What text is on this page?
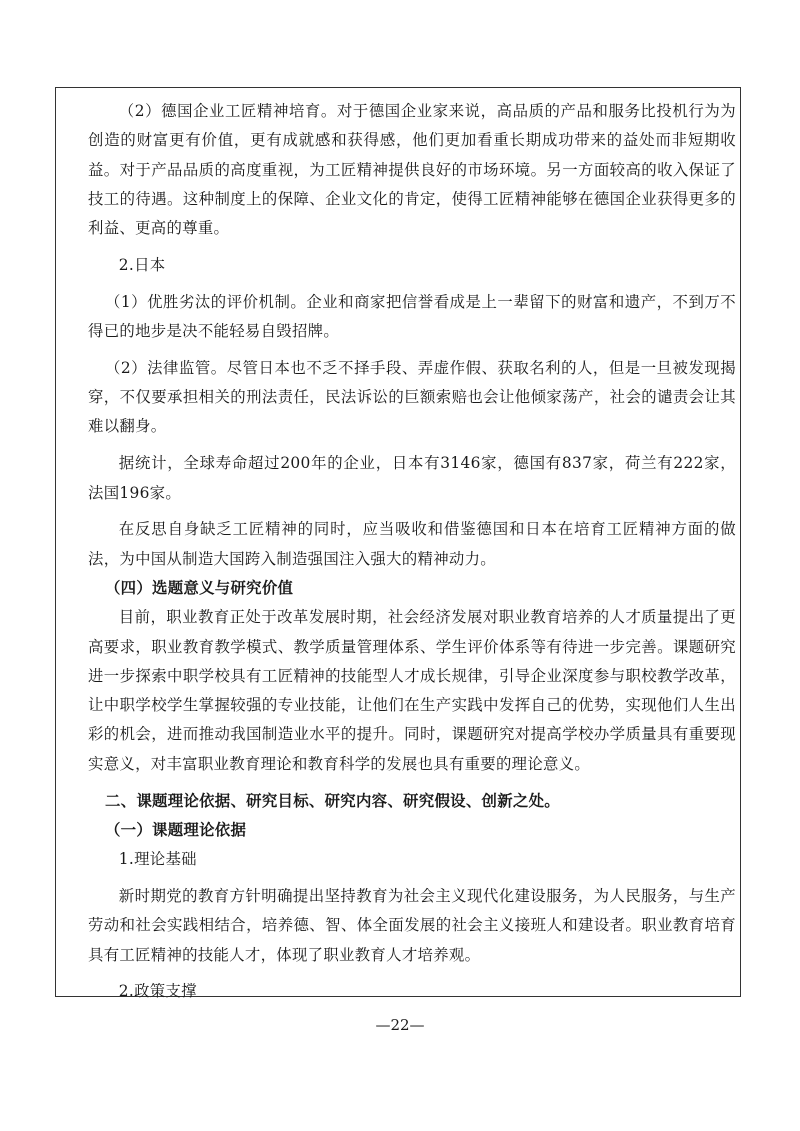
（2）德国企业工匠精神培育。对于德国企业家来说，高品质的产品和服务比投机行为为创造的财富更有价值，更有成就感和获得感，他们更加看重长期成功带来的益处而非短期收益。对于产品品质的高度重视，为工匠精神提供良好的市场环境。另一方面较高的收入保证了技工的待遇。这种制度上的保障、企业文化的肯定，使得工匠精神能够在德国企业获得更多的利益、更高的尊重。

2.日本

（1）优胜劣汰的评价机制。企业和商家把信誉看成是上一辈留下的财富和遗产，不到万不得已的地步是决不能轻易自毁招牌。

（2）法律监管。尽管日本也不乏不择手段、弄虚作假、获取名利的人，但是一旦被发现揭穿，不仅要承担相关的刑法责任，民法诉讼的巨额索赔也会让他倾家荡产，社会的谴责会让其难以翻身。

据统计，全球寿命超过200年的企业，日本有3146家，德国有837家，荷兰有222家，法国196家。

在反思自身缺乏工匠精神的同时，应当吸收和借鉴德国和日本在培育工匠精神方面的做法，为中国从制造大国跨入制造强国注入强大的精神动力。

（四）选题意义与研究价值

目前，职业教育正处于改革发展时期，社会经济发展对职业教育培养的人才质量提出了更高要求，职业教育教学模式、教学质量管理体系、学生评价体系等有待进一步完善。课题研究进一步探索中职学校具有工匠精神的技能型人才成长规律，引导企业深度参与职校教学改革，让中职学校学生掌握较强的专业技能，让他们在生产实践中发挥自己的优势，实现他们人生出彩的机会，进而推动我国制造业水平的提升。同时，课题研究对提高学校办学质量具有重要现实意义，对丰富职业教育理论和教育科学的发展也具有重要的理论意义。

二、课题理论依据、研究目标、研究内容、研究假设、创新之处。

（一）课题理论依据

1.理论基础

新时期党的教育方针明确提出坚持教育为社会主义现代化建设服务，为人民服务，与生产劳动和社会实践相结合，培养德、智、体全面发展的社会主义接班人和建设者。职业教育培育具有工匠精神的技能人才，体现了职业教育人才培养观。

2.政策支撑

—22—
